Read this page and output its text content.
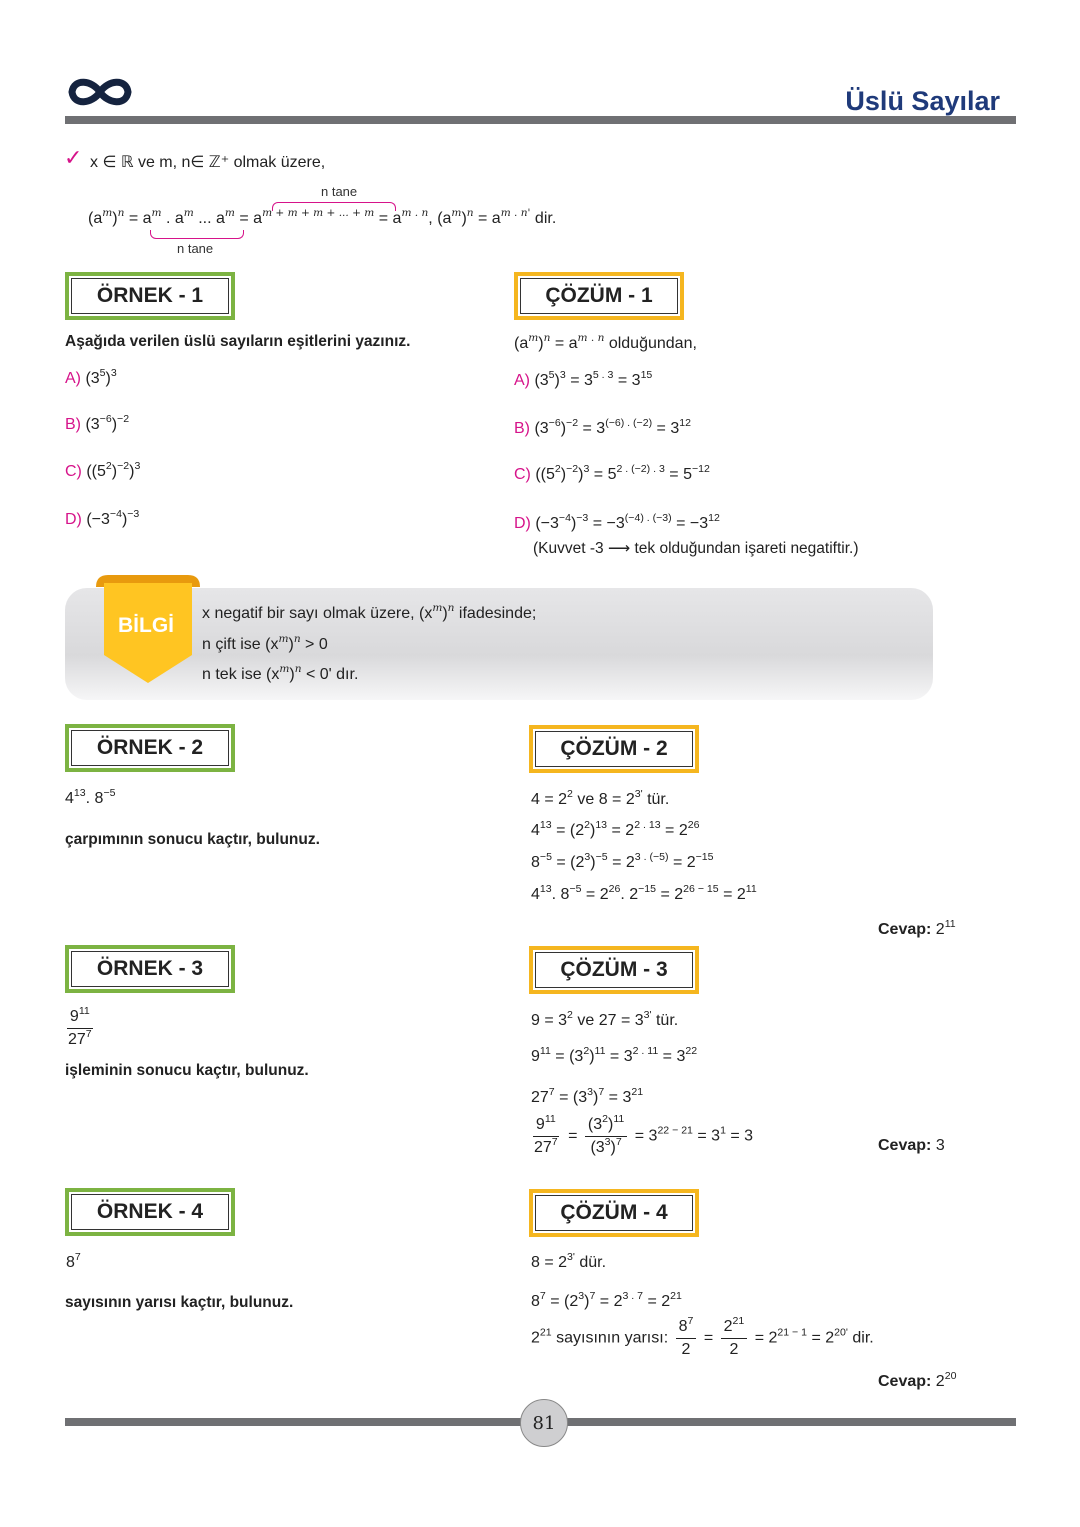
Üslü Sayılar
✓ x ∈ ℝ ve m, n∈ ℤ⁺ olmak üzere,
n tane
$(a^m)^n = a^m$ . $a^m$ ... $a^m = a^{m + m + m + ... + m} = a^{m . n}$, $(a^m)^n = a^{m . n'}$ dir.
n tane
ÖRNEK - 1
Aşağıda verilen üslü sayıların eşitlerini yazınız.
A) $(3^5)^3$
B) $(3^{-6})^{-2}$
C) $((5^2)^{-2})^3$
D) $(-3^{-4})^{-3}$
ÇÖZÜM - 1
$(a^m)^n = a^{m . n}$ olduğundan,
A) $(3^5)^3 = 3^{5 . 3} = 3^{15}$
B) $(3^{-6})^{-2} = 3^{(-6) . (-2)} = 3^{12}$
C) $((5^2)^{-2})^3 = 5^{2 . (-2) . 3} = 5^{-12}$
D) $(-3^{-4})^{-3} = -3^{(-4) . (-3)} = -3^{12}$
(Kuvvet -3 ⟶ tek olduğundan işareti negatiftir.)
BİLGİ
x negatif bir sayı olmak üzere, $(x^m)^n$ ifadesinde;
n çift ise $(x^m)^n > 0$
n tek ise $(x^m)^n < 0'$ dır.
ÖRNEK - 2
$4^{13}$. $8^{-5}$
çarpımının sonucu kaçtır, bulunuz.
ÇÖZÜM - 2
$4 = 2^2$ ve $8 = 2^{3'}$ tür.
$4^{13} = (2^2)^{13} = 2^{2 . 13} = 2^{26}$
$8^{-5} = (2^3)^{-5} = 2^{3 . (-5)} = 2^{-15}$
$4^{13}$. $8^{-5} = 2^{26}$. $2^{-15} = 2^{26 - 15} = 2^{11}$
Cevap: $2^{11}$
ÖRNEK - 3
$\frac{9^{11}}{27^7}$
işleminin sonucu kaçtır, bulunuz.
ÇÖZÜM - 3
$9 = 3^2$ ve $27 = 3^{3'}$ tür.
$9^{11} = (3^2)^{11} = 3^{2 . 11} = 3^{22}$
$27^7 = (3^3)^7 = 3^{21}$
$\frac{9^{11}}{27^7} = \frac{(3^2)^{11}}{(3^3)^7} = 3^{22 - 21} = 3^1 = 3$
Cevap: 3
ÖRNEK - 4
$8^7$
sayısının yarısı kaçtır, bulunuz.
ÇÖZÜM - 4
$8 = 2^{3'}$ dür.
$8^7 = (2^3)^7 = 2^{3 . 7} = 2^{21}$
$2^{21}$ sayısının yarısı: $\frac{8^7}{2} = \frac{2^{21}}{2} = 2^{21 - 1} = 2^{20'}$ dir.
Cevap: $2^{20}$
81
